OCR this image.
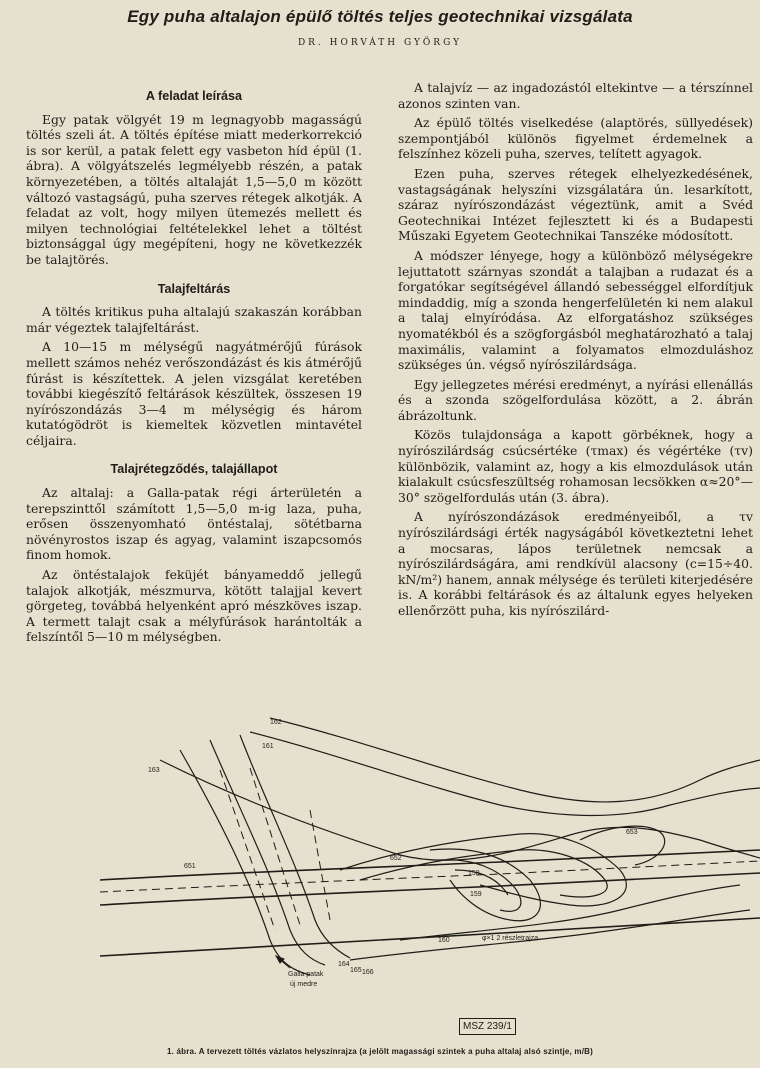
Egy puha altalajon épülő töltés teljes geotechnikai vizsgálata
DR. HORVÁTH GYÖRGY
A feladat leírása

Egy patak völgyét 19 m legnagyobb magasságú töltés szeli át. A töltés építése miatt mederkorrekció is sor kerül, a patak felett egy vasbeton híd épül (1. ábra). A völgyátszelés legmélyebb részén, a patak környezetében, a töltés altalaját 1,5—5,0 m között változó vastagságú, puha szerves rétegek alkotják. A feladat az volt, hogy milyen ütemezés mellett és milyen technológiai feltételekkel lehet a töltést biztonsággal úgy megépíteni, hogy ne következzék be talajtörés.

Talajfeltárás

A töltés kritikus puha altalajú szakaszán korábban már végeztek talajfeltárást.

A 10—15 m mélységű nagyátmérőjű fúrások mellett számos nehéz verőszondázást és kis átmérőjű fúrást is készítettek. A jelen vizsgálat keretében további kiegészítő feltárások készültek, összesen 19 nyírószondázás 3—4 m mélységig és három kutatógödröt is kiemeltek közvetlen mintavétel céljaira.

Talajrétegződés, talajállapot

Az altalaj: a Galla-patak régi árterületén a terepszinttől számított 1,5—5,0 m-ig laza, puha, erősen összenyomható öntéstalaj, sötétbarna növényrostos iszap és agyag, valamint iszapcsomós finom homok.

Az öntéstalajok feküjét bányameddő jellegű talajok alkotják, mészmurva, kötött talajjal kevert görgeteg, továbbá helyenként apró mészköves iszap. A termett talajt csak a mélyfúrások harántolták a felszíntől 5—10 m mélységben.

A talajvíz — az ingadozástól eltekintve — a térszínnel azonos szinten van.

Az épülő töltés viselkedése (alaptörés, süllyedések) szempontjából különös figyelmet érdemelnek a felszínhez közeli puha, szerves, telített agyagok.

Ezen puha, szerves rétegek elhelyezkedésének, vastagságának helyszíni vizsgálatára ún. lesarkított, száraz nyírószondázást végeztünk, amit a Svéd Geotechnikai Intézet fejlesztett ki és a Budapesti Műszaki Egyetem Geotechnikai Tanszéke módosított.

A módszer lényege, hogy a különböző mélységekre lejuttatott szárnyas szondát a talajban a rudazat és a forgatókar segítségével állandó sebességgel elfordítjuk mindaddig, míg a szonda hengerfelületén ki nem alakul a talaj elnyíródása. Az elforgatáshoz szükséges nyomatékból és a szögforgásból meghatározható a talaj maximális, valamint a folyamatos elmozduláshoz szükséges ún. végső nyírószilárdsága.

Egy jellegzetes mérési eredményt, a nyírási ellenállás és a szonda szögelfordulása között, a 2. ábrán ábrázoltunk.

Közös tulajdonsága a kapott görbéknek, hogy a nyírószilárdság csúcsértéke (τmax) és végértéke (τv) különbözik, valamint az, hogy a kis elmozdulások után kialakult csúcsfeszültség rohamosan lecsökken α≈20°—30° szögelfordulás után (3. ábra).

A nyírószondázások eredményeiből, a τv nyírószilárdsági érték nagyságából következtetni lehet a mocsaras, lápos területnek nemcsak a nyírószilárdságára, ami rendkívül alacsony (c=15÷40. kN/m²) hanem, annak mélysége és területi kiterjedésére is. A korábbi feltárások és az általunk egyes helyeken ellenőrzött puha, kis nyírószilárd-

162
161
163
651
652
653
158
159
160
164
165 166
Galla patak
új medre
φ×1 2 részletrajza
MSZ 239/1
1. ábra. A tervezett töltés vázlatos helyszínrajza (a jelölt magassági szintek a puha altalaj alsó szintje, m/B)
